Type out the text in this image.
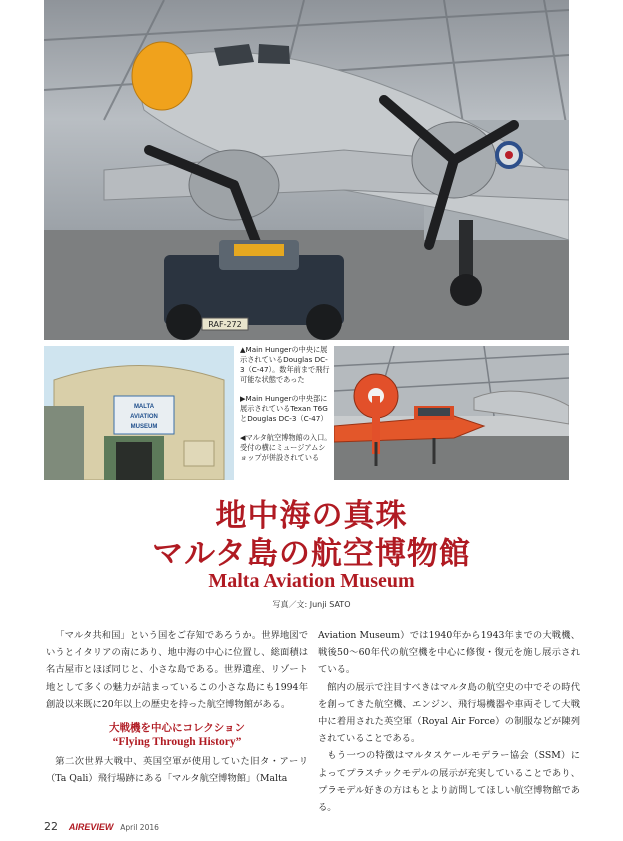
RAF-272
MALTA
AVIATION
MUSEUM

▲Main Hungerの中央に展示されているDouglas DC-3（C-47）。数年前まで飛行可能な状態であった

▶Main Hungerの中央部に展示されているTexan T6GとDouglas DC-3（C-47）

◀マルタ航空博物館の入口。受付の横にミュージアムショップが併設されている

地中海の真珠
マルタ島の航空博物館
Malta Aviation Museum
写真／文: Junji SATO

「マルタ共和国」という国をご存知であろうか。世界地図でいうとイタリアの南にあり、地中海の中心に位置し、総面積は名古屋市とほぼ同じと、小さな島である。世界遺産、リゾート地として多くの魅力が詰まっているこの小さな島にも1994年創設以来既に20年以上の歴史を持った航空博物館がある。

大戦機を中心にコレクション
“Flying Through History”

第二次世界大戦中、英国空軍が使用していた旧タ・アーリ（Ta Qali）飛行場跡にある「マルタ航空博物館」（Malta

Aviation Museum）では1940年から1943年までの大戦機、戦後50～60年代の航空機を中心に修復・復元を施し展示されている。

館内の展示で注目すべきはマルタ島の航空史の中でその時代を創ってきた航空機、エンジン、飛行場機器や車両そして大戦中に着用された英空軍（Royal Air Force）の制服などが陳列されていることである。

もう一つの特徴はマルタスケールモデラー協会（SSM）によってプラスチックモデルの展示が充実していることであり、プラモデル好きの方はもとより訪問してほしい航空博物館である。

22 AIREVIEW April 2016
